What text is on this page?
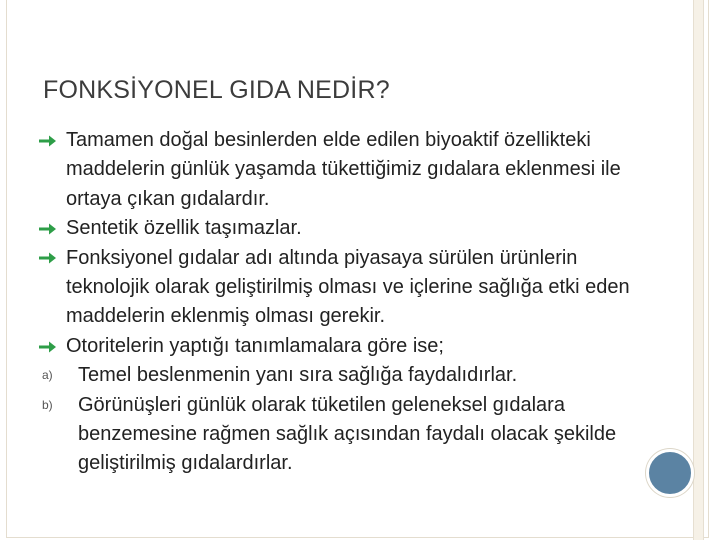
FONKSİYONEL GIDA NEDİR?
Tamamen doğal besinlerden elde edilen biyoaktif özellikteki maddelerin günlük yaşamda tükettiğimiz gıdalara eklenmesi ile ortaya çıkan gıdalardır.
Sentetik özellik taşımazlar.
Fonksiyonel gıdalar adı altında piyasaya sürülen ürünlerin teknolojik olarak geliştirilmiş olması ve içlerine sağlığa etki eden maddelerin eklenmiş olması gerekir.
Otoritelerin yaptığı tanımlamalara göre ise;
a) Temel beslenmenin yanı sıra sağlığa faydalıdırlar.
b) Görünüşleri günlük olarak tüketilen geleneksel gıdalara benzemesine rağmen sağlık açısından faydalı olacak şekilde geliştirilmiş gıdalardırlar.
